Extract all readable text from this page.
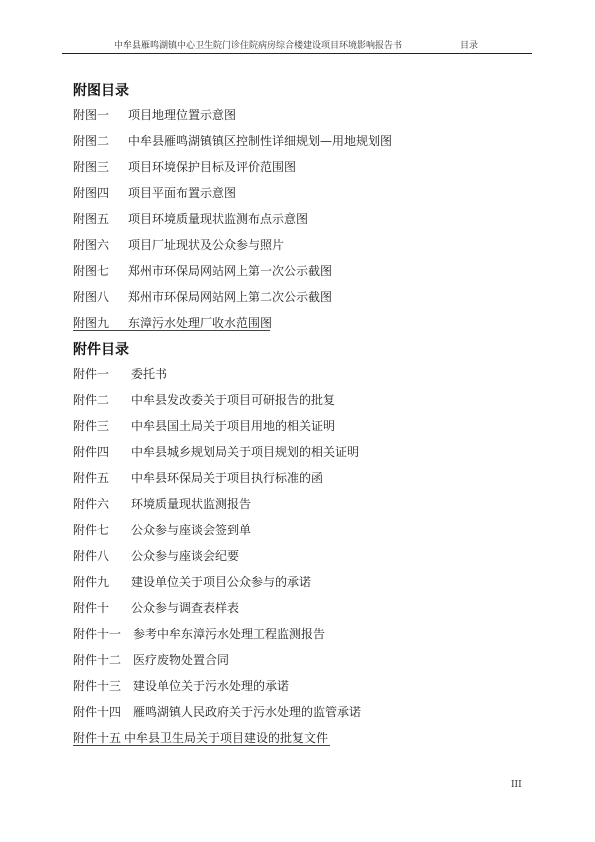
中牟县雁鸣湖镇中心卫生院门诊住院病房综合楼建设项目环境影响报告书	目录
附图目录
附图一 项目地理位置示意图
附图二 中牟县雁鸣湖镇镇区控制性详细规划—用地规划图
附图三 项目环境保护目标及评价范围图
附图四 项目平面布置示意图
附图五 项目环境质量现状监测布点示意图
附图六 项目厂址现状及公众参与照片
附图七 郑州市环保局网站网上第一次公示截图
附图八 郑州市环保局网站网上第二次公示截图
附图九 东漳污水处理厂收水范围图
附件目录
附件一 委托书
附件二 中牟县发改委关于项目可研报告的批复
附件三 中牟县国土局关于项目用地的相关证明
附件四 中牟县城乡规划局关于项目规划的相关证明
附件五 中牟县环保局关于项目执行标准的函
附件六 环境质量现状监测报告
附件七 公众参与座谈会签到单
附件八 公众参与座谈会纪要
附件九 建设单位关于项目公众参与的承诺
附件十 公众参与调查表样表
附件十一 参考中牟东漳污水处理工程监测报告
附件十二 医疗废物处置合同
附件十三 建设单位关于污水处理的承诺
附件十四 雁鸣湖镇人民政府关于污水处理的监管承诺
附件十五 中牟县卫生局关于项目建设的批复文件
III
